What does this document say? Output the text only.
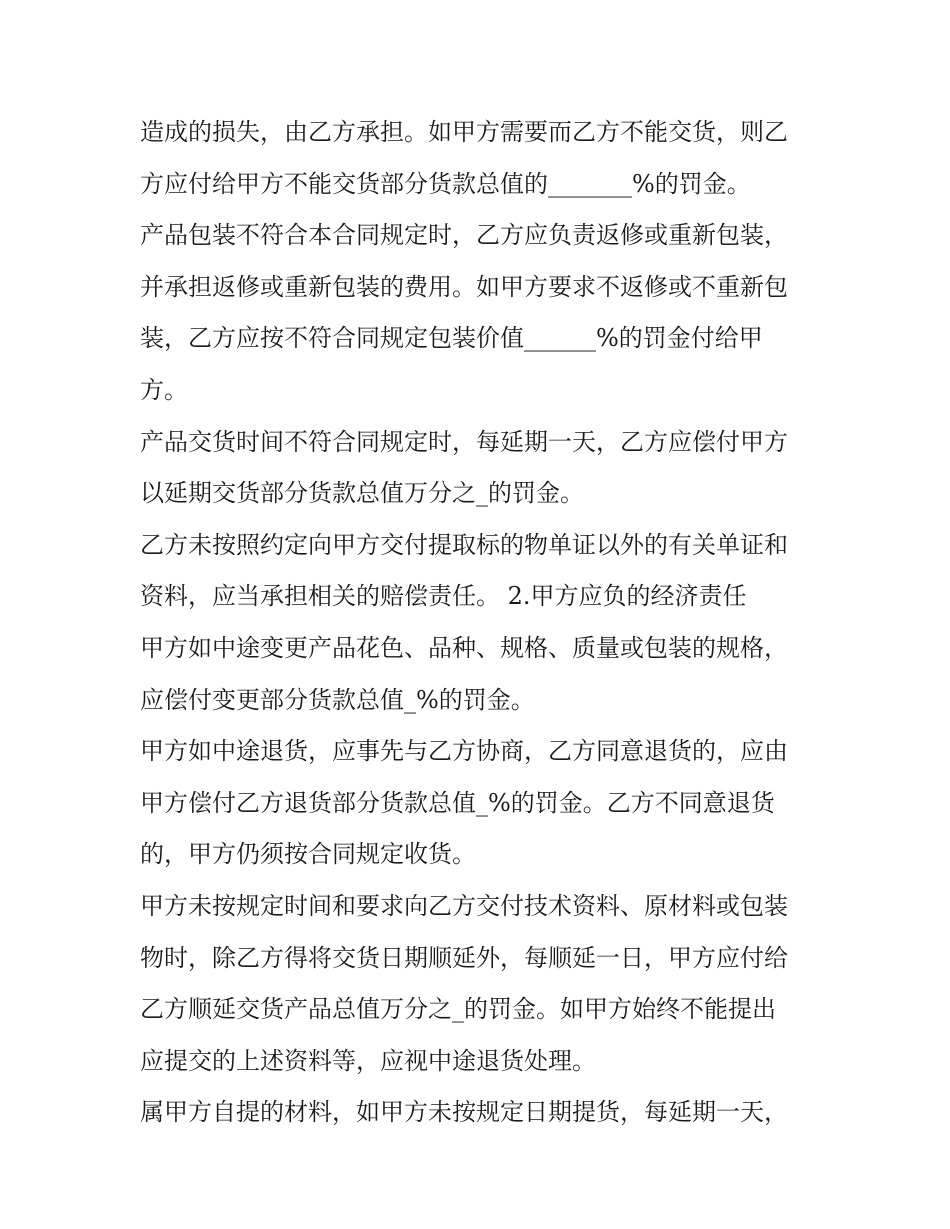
造成的损失，由乙方承担。如甲方需要而乙方不能交货，则乙
方应付给甲方不能交货部分货款总值的_______%的罚金。
产品包装不符合本合同规定时，乙方应负责返修或重新包装，
并承担返修或重新包装的费用。如甲方要求不返修或不重新包
装，乙方应按不符合同规定包装价值______%的罚金付给甲
方。
产品交货时间不符合同规定时，每延期一天，乙方应偿付甲方
以延期交货部分货款总值万分之_的罚金。
乙方未按照约定向甲方交付提取标的物单证以外的有关单证和
资料，应当承担相关的赔偿责任。 2.甲方应负的经济责任
甲方如中途变更产品花色、品种、规格、质量或包装的规格，
应偿付变更部分货款总值_%的罚金。
甲方如中途退货，应事先与乙方协商，乙方同意退货的，应由
甲方偿付乙方退货部分货款总值_%的罚金。乙方不同意退货
的，甲方仍须按合同规定收货。
甲方未按规定时间和要求向乙方交付技术资料、原材料或包装
物时，除乙方得将交货日期顺延外，每顺延一日，甲方应付给
乙方顺延交货产品总值万分之_的罚金。如甲方始终不能提出
应提交的上述资料等，应视中途退货处理。
属甲方自提的材料，如甲方未按规定日期提货，每延期一天，
